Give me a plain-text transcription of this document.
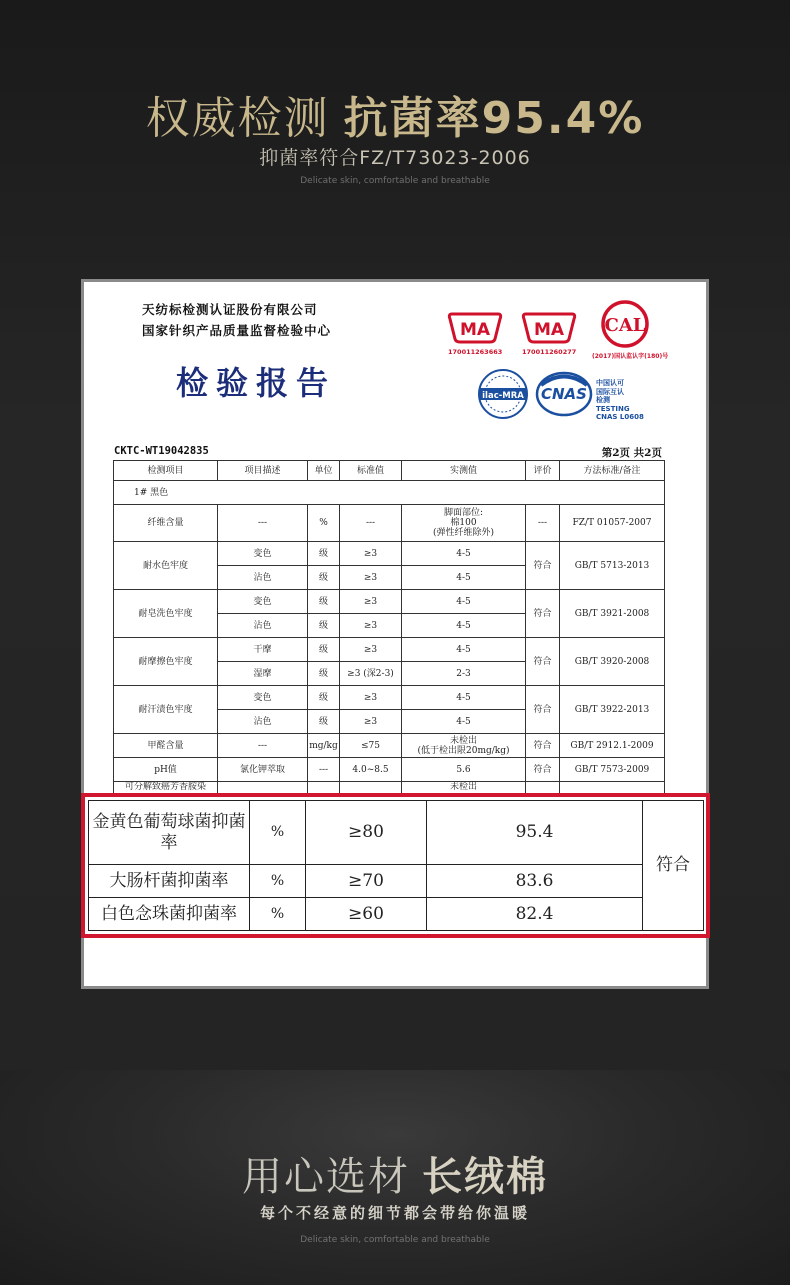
权威检测 抗菌率95.4%
抑菌率符合FZ/T73023-2006
Delicate skin, comfortable and breathable
天纺标检测认证股份有限公司
国家针织产品质量监督检验中心
检验报告
MA
170011263663
MA
170011260277
CAL
(2017)国认监认字(180)号
ilac-MRA CNAS
中国认可
国际互认
检测
TESTING
CNAS L0608
CKTC-WT19042835	第2页 共2页
检测项目	项目描述	单位	标准值	实测值	评价	方法标准/备注
1# 黑色						
纤维含量	---	%	---	脚面部位:
棉100
(弹性纤维除外)	---	FZ/T 01057-2007
耐水色牢度	变色	级	≥3	4-5	符合	GB/T 5713-2013
	沾色	级	≥3	4-5		
耐皂洗色牢度	变色	级	≥3	4-5	符合	GB/T 3921-2008
	沾色	级	≥3	4-5		
耐摩擦色牢度	干摩	级	≥3	4-5	符合	GB/T 3920-2008
	湿摩	级	≥3 (深2-3)	2-3		
耐汗渍色牢度	变色	级	≥3	4-5	符合	GB/T 3922-2013
	沾色	级	≥3	4-5		
甲醛含量	---	mg/kg	≤75	未检出
(低于检出限20mg/kg)	符合	GB/T 2912.1-2009
pH值	氯化钾萃取	---	4.0~8.5	5.6	符合	GB/T 7573-2009
可分解致癌芳香胺染				未检出		
金黄色葡萄球菌抑菌率	%	≥80	95.4	符合
大肠杆菌抑菌率	%	≥70	83.6	
白色念珠菌抑菌率	%	≥60	82.4	
用心选材 长绒棉
每个不经意的细节都会带给你温暖
Delicate skin, comfortable and breathable
